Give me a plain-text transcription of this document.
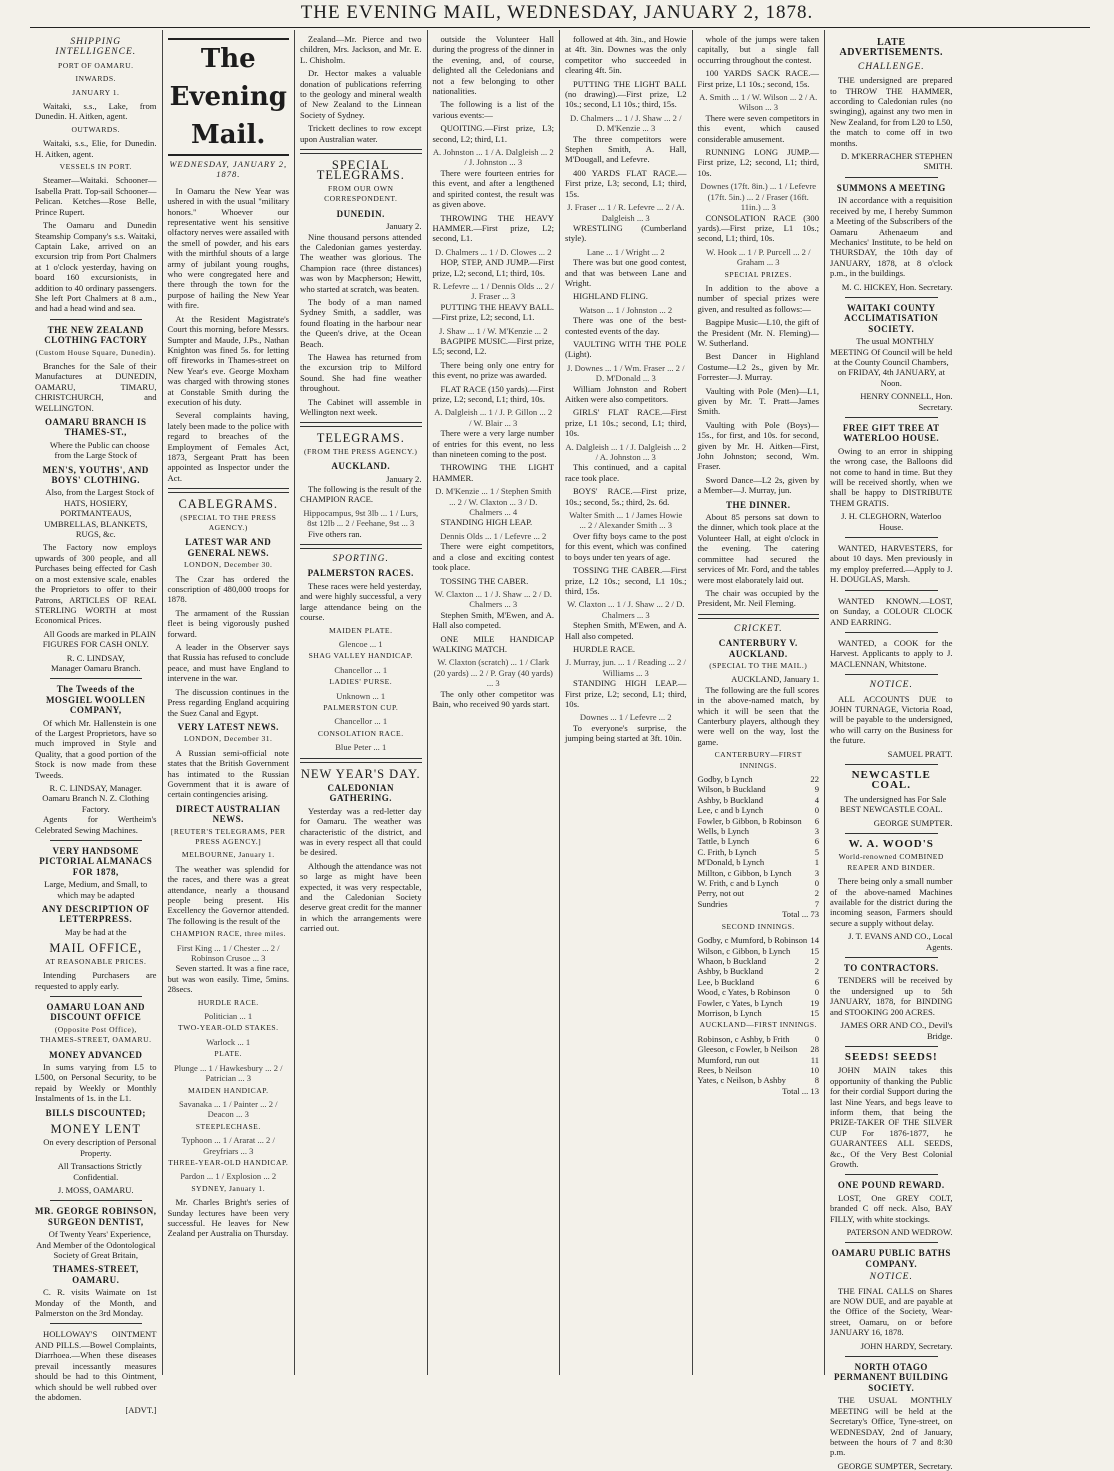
THE EVENING MAIL, WEDNESDAY, JANUARY 2, 1878.
SHIPPING INTELLIGENCE.
PORT OF OAMARU.
INWARDS.
JANUARY 1.

Waitaki, s.s., Lake, from Dunedin. H. Aitken, agent.

OUTWARDS.

Waitaki, s.s., Elie, for Dunedin. H. Aitken, agent.

VESSELS IN PORT.

Steamer—Waitaki. Schooner—Isabella Pratt. Top-sail Schooner—Pelican. Ketches—Rose Belle, Prince Rupert.

The Oamaru and Dunedin Steamship Company's s.s. Waitaki, Captain Lake, arrived on an excursion trip from Port Chalmers at 1 o'clock yesterday, having on board 160 excursionists, in addition to 40 ordinary passengers. She left Port Chalmers at 8 a.m., and had a head wind and sea.

THE NEW ZEALAND CLOTHING FACTORY
(Custom House Square, Dunedin).

Branches for the Sale of their Manufactures at DUNEDIN, OAMARU, TIMARU, CHRISTCHURCH, and WELLINGTON.

OAMARU BRANCH IS THAMES-ST.,

Where the Public can choose from the Large Stock of

MEN'S, YOUTHS', AND BOYS' CLOTHING.

Also, from the Largest Stock of HATS, HOSIERY, PORTMANTEAUS, UMBRELLAS, BLANKETS, RUGS, &c.

The Factory now employs upwards of 300 people, and all Purchases being effected for Cash on a most extensive scale, enables the Proprietors to offer to their Patrons, ARTICLES OF REAL STERLING WORTH at most Economical Prices.

All Goods are marked in PLAIN FIGURES FOR CASH ONLY.

R. C. LINDSAY,
Manager Oamaru Branch.
The Tweeds of the MOSGIEL WOOLLEN COMPANY,

Of which Mr. Hallenstein is one of the Largest Proprietors, have so much improved in Style and Quality, that a good portion of the Stock is now made from these Tweeds.

R. C. LINDSAY, Manager.
Oamaru Branch N. Z. Clothing Factory.

Agents for Wertheim's Celebrated Sewing Machines.

VERY HANDSOME PICTORIAL ALMANACS FOR 1878,
Large, Medium, and Small, to which may be adapted
ANY DESCRIPTION OF LETTERPRESS.
May be had at the
MAIL OFFICE,
AT REASONABLE PRICES.

Intending Purchasers are requested to apply early.

OAMARU LOAN AND DISCOUNT OFFICE
(Opposite Post Office), THAMES-STREET, OAMARU.
MONEY ADVANCED

In sums varying from L5 to L500, on Personal Security, to be repaid by Weekly or Monthly Instalments of 1s. in the L1.

BILLS DISCOUNTED;
MONEY LENT

On every description of Personal Property.

All Transactions Strictly Confidential.

J. MOSS, OAMARU.
MR. GEORGE ROBINSON, SURGEON DENTIST,

Of Twenty Years' Experience, And Member of the Odontological Society of Great Britain,

THAMES-STREET, OAMARU.

C. R. visits Waimate on 1st Monday of the Month, and Palmerston on the 3rd Monday.

HOLLOWAY'S OINTMENT AND PILLS.—Bowel Complaints, Diarrhoea.—When these diseases prevail incessantly measures should be had to this Ointment, which should be well rubbed over the abdomen.

[ADVT.]
The Evening Mail.
WEDNESDAY, JANUARY 2, 1878.

In Oamaru the New Year was ushered in with the usual "military honors." Whoever our representative went his sensitive olfactory nerves were assailed with the smell of powder, and his ears with the mirthful shouts of a large army of jubilant young roughs, who were congregated here and there through the town for the purpose of hailing the New Year with fire.

At the Resident Magistrate's Court this morning, before Messrs. Sumpter and Maude, J.Ps., Nathan Knighton was fined 5s. for letting off fireworks in Thames-street on New Year's eve. George Moxham was charged with throwing stones at Constable Smith during the execution of his duty.

Several complaints having, lately been made to the police with regard to breaches of the Employment of Females Act, 1873, Sergeant Pratt has been appointed as Inspector under the Act.

CABLEGRAMS.
(SPECIAL TO THE PRESS AGENCY.)
LATEST WAR AND GENERAL NEWS.
LONDON, December 30.

The Czar has ordered the conscription of 480,000 troops for 1878.

The armament of the Russian fleet is being vigorously pushed forward.

A leader in the Observer says that Russia has refused to conclude peace, and must have England to intervene in the war.

The discussion continues in the Press regarding England acquiring the Suez Canal and Egypt.

VERY LATEST NEWS.
LONDON, December 31.

A Russian semi-official note states that the British Government has intimated to the Russian Government that it is aware of certain contingencies arising.

DIRECT AUSTRALIAN NEWS.
[REUTER'S TELEGRAMS, PER PRESS AGENCY.]
MELBOURNE, January 1.

The weather was splendid for the races, and there was a great attendance, nearly a thousand people being present. His Excellency the Governor attended. The following is the result of the

CHAMPION RACE, three miles.
First King ... 1 / Chester ... 2 / Robinson Crusoe ... 3

Seven started. It was a fine race, but was won easily. Time, 5mins. 28secs.

HURDLE RACE.
Politician ... 1
TWO-YEAR-OLD STAKES.
Warlock ... 1
PLATE.
Plunge ... 1 / Hawkesbury ... 2 / Patrician ... 3
MAIDEN HANDICAP.
Savanaka ... 1 / Painter ... 2 / Deacon ... 3
STEEPLECHASE.
Typhoon ... 1 / Ararat ... 2 / Greyfriars ... 3
THREE-YEAR-OLD HANDICAP.
Pardon ... 1 / Explosion ... 2
SYDNEY, January 1.

Mr. Charles Bright's series of Sunday lectures have been very successful. He leaves for New Zealand per Australia on Thursday.

Zealand—Mr. Pierce and two children, Mrs. Jackson, and Mr. E. L. Chisholm.

Dr. Hector makes a valuable donation of publications referring to the geology and mineral wealth of New Zealand to the Linnean Society of Sydney.

Trickett declines to row except upon Australian water.

SPECIAL TELEGRAMS.
FROM OUR OWN CORRESPONDENT.
DUNEDIN.
January 2.

Nine thousand persons attended the Caledonian games yesterday. The weather was glorious. The Champion race (three distances) was won by Macpherson; Hewitt, who started at scratch, was beaten.

The body of a man named Sydney Smith, a saddler, was found floating in the harbour near the Queen's drive, at the Ocean Beach.

The Hawea has returned from the excursion trip to Milford Sound. She had fine weather throughout.

The Cabinet will assemble in Wellington next week.

TELEGRAMS.
(FROM THE PRESS AGENCY.)
AUCKLAND.
January 2.

The following is the result of the CHAMPION RACE.

Hippocampus, 9st 3lb ... 1 / Lurs, 8st 12lb ... 2 / Feehane, 9st ... 3

Five others ran.

SPORTING.
PALMERSTON RACES.

These races were held yesterday, and were highly successful, a very large attendance being on the course.

MAIDEN PLATE.
Glencoe ... 1
SHAG VALLEY HANDICAP.
Chancellor ... 1
LADIES' PURSE.
Unknown ... 1
PALMERSTON CUP.
Chancellor ... 1
CONSOLATION RACE.
Blue Peter ... 1
NEW YEAR'S DAY.
CALEDONIAN GATHERING.

Yesterday was a red-letter day for Oamaru. The weather was characteristic of the district, and was in every respect all that could be desired.

Although the attendance was not so large as might have been expected, it was very respectable, and the Caledonian Society deserve great credit for the manner in which the arrangements were carried out.

outside the Volunteer Hall during the progress of the dinner in the evening, and, of course, delighted all the Celedonians and not a few belonging to other nationalities.

The following is a list of the various events:—

QUOITING.—First prize, L3; second, L2; third, L1.

A. Johnston ... 1 / A. Dalgleish ... 2 / J. Johnston ... 3

There were fourteen entries for this event, and after a lengthened and spirited contest, the result was as given above.

THROWING THE HEAVY HAMMER.—First prize, L2; second, L1.

D. Chalmers ... 1 / D. Clowes ... 2

HOP, STEP, AND JUMP.—First prize, L2; second, L1; third, 10s.

R. Lefevre ... 1 / Dennis Olds ... 2 / J. Fraser ... 3

PUTTING THE HEAVY BALL.—First prize, L2; second, L1.

J. Shaw ... 1 / W. M'Kenzie ... 2

BAGPIPE MUSIC.—First prize, L5; second, L2.

There being only one entry for this event, no prize was awarded.

FLAT RACE (150 yards).—First prize, L2; second, L1; third, 10s.

A. Dalgleish ... 1 / J. P. Gillon ... 2 / W. Blair ... 3

There were a very large number of entries for this event, no less than nineteen coming to the post.

THROWING THE LIGHT HAMMER.

D. M'Kenzie ... 1 / Stephen Smith ... 2 / W. Claxton ... 3 / D. Chalmers ... 4

STANDING HIGH LEAP.

Dennis Olds ... 1 / Lefevre ... 2

There were eight competitors, and a close and exciting contest took place.

TOSSING THE CABER.

W. Claxton ... 1 / J. Shaw ... 2 / D. Chalmers ... 3

Stephen Smith, M'Ewen, and A. Hall also competed.

ONE MILE HANDICAP WALKING MATCH.

W. Claxton (scratch) ... 1 / Clark (20 yards) ... 2 / P. Gray (40 yards) ... 3

The only other competitor was Bain, who received 90 yards start.

followed at 4th. 3in., and Howie at 4ft. 3in. Downes was the only competitor who succeeded in clearing 4ft. 5in.

PUTTING THE LIGHT BALL (no drawing).—First prize, L2 10s.; second, L1 10s.; third, 15s.

D. Chalmers ... 1 / J. Shaw ... 2 / D. M'Kenzie ... 3

The three competitors were Stephen Smith, A. Hall, M'Dougall, and Lefevre.

400 YARDS FLAT RACE.—First prize, L3; second, L1; third, 15s.

J. Fraser ... 1 / R. Lefevre ... 2 / A. Dalgleish ... 3

WRESTLING (Cumberland style).

Lane ... 1 / Wright ... 2

There was but one good contest, and that was between Lane and Wright.

HIGHLAND FLING.

Watson ... 1 / Johnston ... 2

There was one of the best-contested events of the day.

VAULTING WITH THE POLE (Light).

J. Downes ... 1 / Wm. Fraser ... 2 / D. M'Donald ... 3

William Johnston and Robert Aitken were also competitors.

GIRLS' FLAT RACE.—First prize, L1 10s.; second, L1; third, 10s.

A. Dalgleish ... 1 / J. Dalgleish ... 2 / A. Johnston ... 3

This continued, and a capital race took place.

BOYS' RACE.—First prize, 10s.; second, 5s.; third, 2s. 6d.

Walter Smith ... 1 / James Howie ... 2 / Alexander Smith ... 3

Over fifty boys came to the post for this event, which was confined to boys under ten years of age.

TOSSING THE CABER.—First prize, L2 10s.; second, L1 10s.; third, 15s.

W. Claxton ... 1 / J. Shaw ... 2 / D. Chalmers ... 3

Stephen Smith, M'Ewen, and A. Hall also competed.

HURDLE RACE.

J. Murray, jun. ... 1 / Reading ... 2 / Williams ... 3

STANDING HIGH LEAP.—First prize, L2; second, L1; third, 10s.

Downes ... 1 / Lefevre ... 2

To everyone's surprise, the jumping being started at 3ft. 10in.

whole of the jumps were taken capitally, but a single fall occurring throughout the contest.

100 YARDS SACK RACE.—First prize, L1 10s.; second, 15s.

A. Smith ... 1 / W. Wilson ... 2 / A. Wilson ... 3

There were seven competitors in this event, which caused considerable amusement.

RUNNING LONG JUMP.—First prize, L2; second, L1; third, 10s.

Downes (17ft. 8in.) ... 1 / Lefevre (17ft. 5in.) ... 2 / Fraser (16ft. 11in.) ... 3

CONSOLATION RACE (300 yards).—First prize, L1 10s.; second, L1; third, 10s.

W. Hook ... 1 / P. Purcell ... 2 / Graham ... 3
SPECIAL PRIZES.

In addition to the above a number of special prizes were given, and resulted as follows:—

Bagpipe Music—L10, the gift of the President (Mr. N. Fleming)—W. Sutherland.

Best Dancer in Highland Costume—L2 2s., given by Mr. Forrester—J. Murray.

Vaulting with Pole (Men)—L1, given by Mr. T. Pratt—James Smith.

Vaulting with Pole (Boys)—15s., for first, and 10s. for second, given by Mr. H. Aitken—First, John Johnston; second, Wm. Fraser.

Sword Dance—L2 2s, given by a Member—J. Murray, jun.

THE DINNER.

About 85 persons sat down to the dinner, which took place at the Volunteer Hall, at eight o'clock in the evening. The catering committee had secured the services of Mr. Ford, and the tables were most elaborately laid out.

The chair was occupied by the President, Mr. Neil Fleming.

CRICKET.
CANTERBURY V. AUCKLAND.
(SPECIAL TO THE MAIL.)
AUCKLAND, January 1.

The following are the full scores in the above-named match, by which it will be seen that the Canterbury players, although they were well on the way, lost the game.

CANTERBURY—FIRST INNINGS.
Godby, b Lynch	22
Wilson, b Buckland	9
Ashby, b Buckland	4
Lee, c and b Lynch	0
Fowler, b Gibbon, b Robinson 6
Wells, b Lynch	3
Tattle, b Lynch	6
C. Frith, b Lynch	5
M'Donald, b Lynch	1
Millton, c Gibbon, b Lynch	3
W. Frith, c and b Lynch	0
Perry, not out	2
Sundries	7
Total ... 73
SECOND INNINGS.
Godby, c Mumford, b Robinson 14
Wilson, c Gibbon, b Lynch 15
Whaon, b Buckland	2
Ashby, b Buckland	2
Lee, b Buckland	6
Wood, c Yates, b Robinson	0
Fowler, c Yates, b Lynch	19
Morrison, b Lynch	15
AUCKLAND—FIRST INNINGS.
Robinson, c Ashby, b Frith	0
Gleeson, c Fowler, b Neilson 28
Mumford, run out	11
Rees, b Neilson	10
Yates, c Neilson, b Ashby	8
Total ... 13
LATE ADVERTISEMENTS.
CHALLENGE.

THE undersigned are prepared to THROW THE HAMMER, according to Caledonian rules (no swinging), against any two men in New Zealand, for from L20 to L50, the match to come off in two months.

D. M'KERRACHER STEPHEN SMITH.
SUMMONS A MEETING

IN accordance with a requisition received by me, I hereby Summon a Meeting of the Subscribers of the Oamaru Athenaeum and Mechanics' Institute, to be held on THURSDAY, the 10th day of JANUARY, 1878, at 8 o'clock p.m., in the buildings.

M. C. HICKEY, Hon. Secretary.
WAITAKI COUNTY ACCLIMATISATION SOCIETY.

The usual MONTHLY MEETING Of Council will be held at the County Council Chambers, on FRIDAY, 4th JANUARY, at Noon.

HENRY CONNELL, Hon. Secretary.
FREE GIFT TREE AT WATERLOO HOUSE.

Owing to an error in shipping the wrong case, the Balloons did not come to hand in time. But they will be received shortly, when we shall be happy to DISTRIBUTE THEM GRATIS.

J. H. CLEGHORN, Waterloo House.

WANTED, HARVESTERS, for about 10 days. Men previously in my employ preferred.—Apply to J. H. DOUGLAS, Marsh.

WANTED KNOWN.—LOST, on Sunday, a COLOUR CLOCK AND EARRING.

WANTED, a COOK for the Harvest. Applicants to apply to J. MACLENNAN, Whitstone.

NOTICE.

ALL ACCOUNTS DUE to JOHN TURNAGE, Victoria Road, will be payable to the undersigned, who will carry on the Business for the future.

SAMUEL PRATT.
NEWCASTLE COAL.

The undersigned has For Sale BEST NEWCASTLE COAL.

GEORGE SUMPTER.
W. A. WOOD'S
World-renowned COMBINED REAPER AND BINDER.

There being only a small number of the above-named Machines available for the district during the incoming season, Farmers should secure a supply without delay.

J. T. EVANS AND CO., Local Agents.
TO CONTRACTORS.

TENDERS will be received by the undersigned up to 5th JANUARY, 1878, for BINDING and STOOKING 200 ACRES.

JAMES ORR AND CO., Devil's Bridge.
SEEDS! SEEDS!

JOHN MAIN takes this opportunity of thanking the Public for their cordial Support during the last Nine Years, and begs leave to inform them, that being the PRIZE-TAKER OF THE SILVER CUP For 1876-1877, he GUARANTEES ALL SEEDS, &c., Of the Very Best Colonial Growth.

ONE POUND REWARD.

LOST, One GREY COLT, branded C off neck. Also, BAY FILLY, with white stockings.

PATERSON AND WEDROW.
OAMARU PUBLIC BATHS COMPANY.
NOTICE.

THE FINAL CALLS on Shares are NOW DUE, and are payable at the Office of the Society, Wear-street, Oamaru, on or before JANUARY 16, 1878.

JOHN HARDY, Secretary.
NORTH OTAGO PERMANENT BUILDING SOCIETY.

THE USUAL MONTHLY MEETING will be held at the Secretary's Office, Tyne-street, on WEDNESDAY, 2nd of January, between the hours of 7 and 8:30 p.m.

GEORGE SUMPTER, Secretary.
